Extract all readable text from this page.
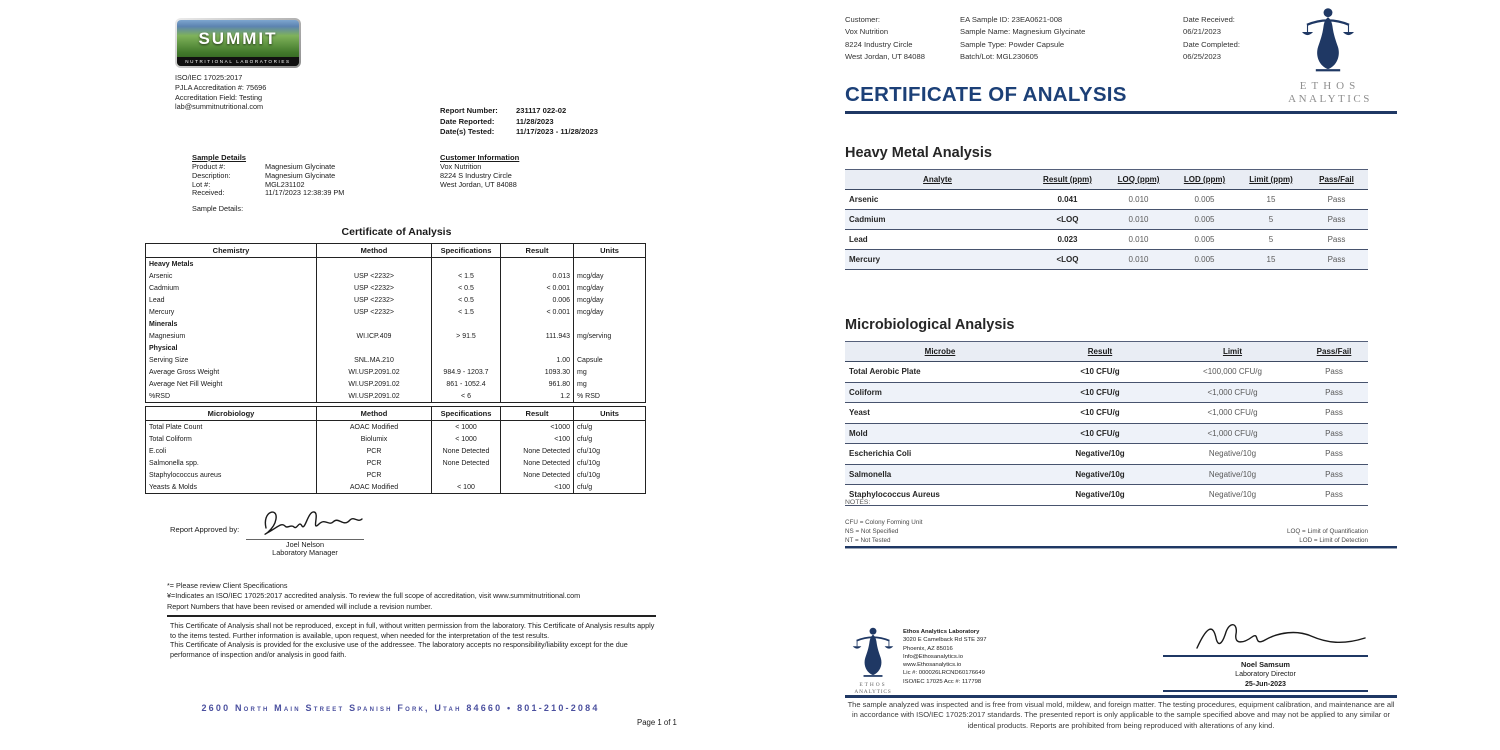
SUMMIT
NUTRITIONAL LABORATORIES
ISO/IEC 17025:2017
PJLA Accreditation #: 75696
Accreditation Field: Testing
lab@summitnutritional.com	Report Number: 231117 022-02
Date Reported:	11/28/2023
Date(s) Tested:	11/17/2023 - 11/28/2023
Sample Details
Product #:	Magnesium Glycinate
Description:	Magnesium Glycinate
Lot #:	MGL231102
Received:	11/17/2023 12:38:39 PM
Customer Information
Vox Nutrition
8224 S Industry Circle
West Jordan, UT 84088
Sample Details:
Certificate of Analysis
Chemistry	Method	Specifications	Result	Units
Heavy Metals				
Arsenic	USP <2232>	< 1.5	0.013	mcg/day
Cadmium	USP <2232>	< 0.5	< 0.001	mcg/day
Lead	USP <2232>	< 0.5	0.006	mcg/day
Mercury	USP <2232>	< 1.5	< 0.001	mcg/day
Minerals				
Magnesium	WI.ICP.409	> 91.5	111.943	mg/serving
Physical				
Serving Size	SNL.MA.210		1.00	Capsule
Average Gross Weight	WI.USP.2091.02	984.9 - 1203.7	1093.30	mg
Average Net Fill Weight	WI.USP.2091.02	861 - 1052.4	961.80	mg
%RSD	WI.USP.2091.02	< 6	1.2	% RSD
Microbiology	Method	Specifications	Result	Units
Total Plate Count	AOAC Modified	< 1000	<1000	cfu/g
Total Coliform	Biolumix	< 1000	<100	cfu/g
E.coli	PCR	None Detected	None Detected	cfu/10g
Salmonella spp.	PCR	None Detected	None Detected	cfu/10g
Staphylococcus aureus	PCR		None Detected	cfu/10g
Yeasts & Molds	AOAC Modified	< 100	<100	cfu/g
Report Approved by:
Joel Nelson
Laboratory Manager
*= Please review Client Specifications
¥=Indicates an ISO/IEC 17025:2017 accredited analysis. To review the full scope of accreditation, visit www.summitnutritional.com
Report Numbers that have been revised or amended will include a revision number.
This Certificate of Analysis shall not be reproduced, except in full, without written permission from the laboratory. This Certificate of Analysis results apply to the items tested. Further information is available, upon request, when needed for the interpretation of the test results.
This Certificate of Analysis is provided for the exclusive use of the addressee. The laboratory accepts no responsibility/liability except for the due performance of inspection and/or analysis in good faith.
2600 North Main Street Spanish Fork, Utah 84660 • 801-210-2084
Page 1 of 1
Customer:
Vox Nutrition
8224 Industry Circle
West Jordan, UT 84088
EA Sample ID: 23EA0621-008
Sample Name: Magnesium Glycinate
Sample Type: Powder Capsule
Batch/Lot: MGL230605
Date Received:
06/21/2023
Date Completed:
06/25/2023
ETHOS
ANALYTICS
CERTIFICATE OF ANALYSIS
Heavy Metal Analysis
Analyte	Result (ppm)	LOQ (ppm)	LOD (ppm)	Limit (ppm)	Pass/Fail
Arsenic	0.041	0.010	0.005	15	Pass
Cadmium	<LOQ	0.010	0.005	5	Pass
Lead	0.023	0.010	0.005	5	Pass
Mercury	<LOQ	0.010	0.005	15	Pass
Microbiological Analysis
Microbe	Result	Limit	Pass/Fail
Total Aerobic Plate	<10 CFU/g	<100,000 CFU/g	Pass
Coliform	<10 CFU/g	<1,000 CFU/g	Pass
Yeast	<10 CFU/g	<1,000 CFU/g	Pass
Mold	<10 CFU/g	<1,000 CFU/g	Pass
Escherichia Coli	Negative/10g	Negative/10g	Pass
Salmonella	Negative/10g	Negative/10g	Pass
Staphylococcus Aureus	Negative/10g	Negative/10g	Pass
NOTES:
CFU = Colony Forming Unit
NS = Not Specified
NT = Not Tested
LOQ = Limit of Quantification
LOD = Limit of Detection
ETHOS
ANALYTICS
Ethos Analytics Laboratory
3020 E Camelback Rd STE 397
Phoenix, AZ 85016
Info@Ethosanalytics.io
www.Ethosanalytics.io
Lic #: 000026LRCND60176649
ISO/IEC 17025 Acc #: 117798
Noel Samsum
Laboratory Director
25-Jun-2023
The sample analyzed was inspected and is free from visual mold, mildew, and foreign matter. The testing procedures, equipment calibration, and maintenance are all in accordance with ISO/IEC 17025:2017 standards. The presented report is only applicable to the sample specified above and may not be applied to any similar or identical products. Reports are prohibited from being reproduced with alterations of any kind.
